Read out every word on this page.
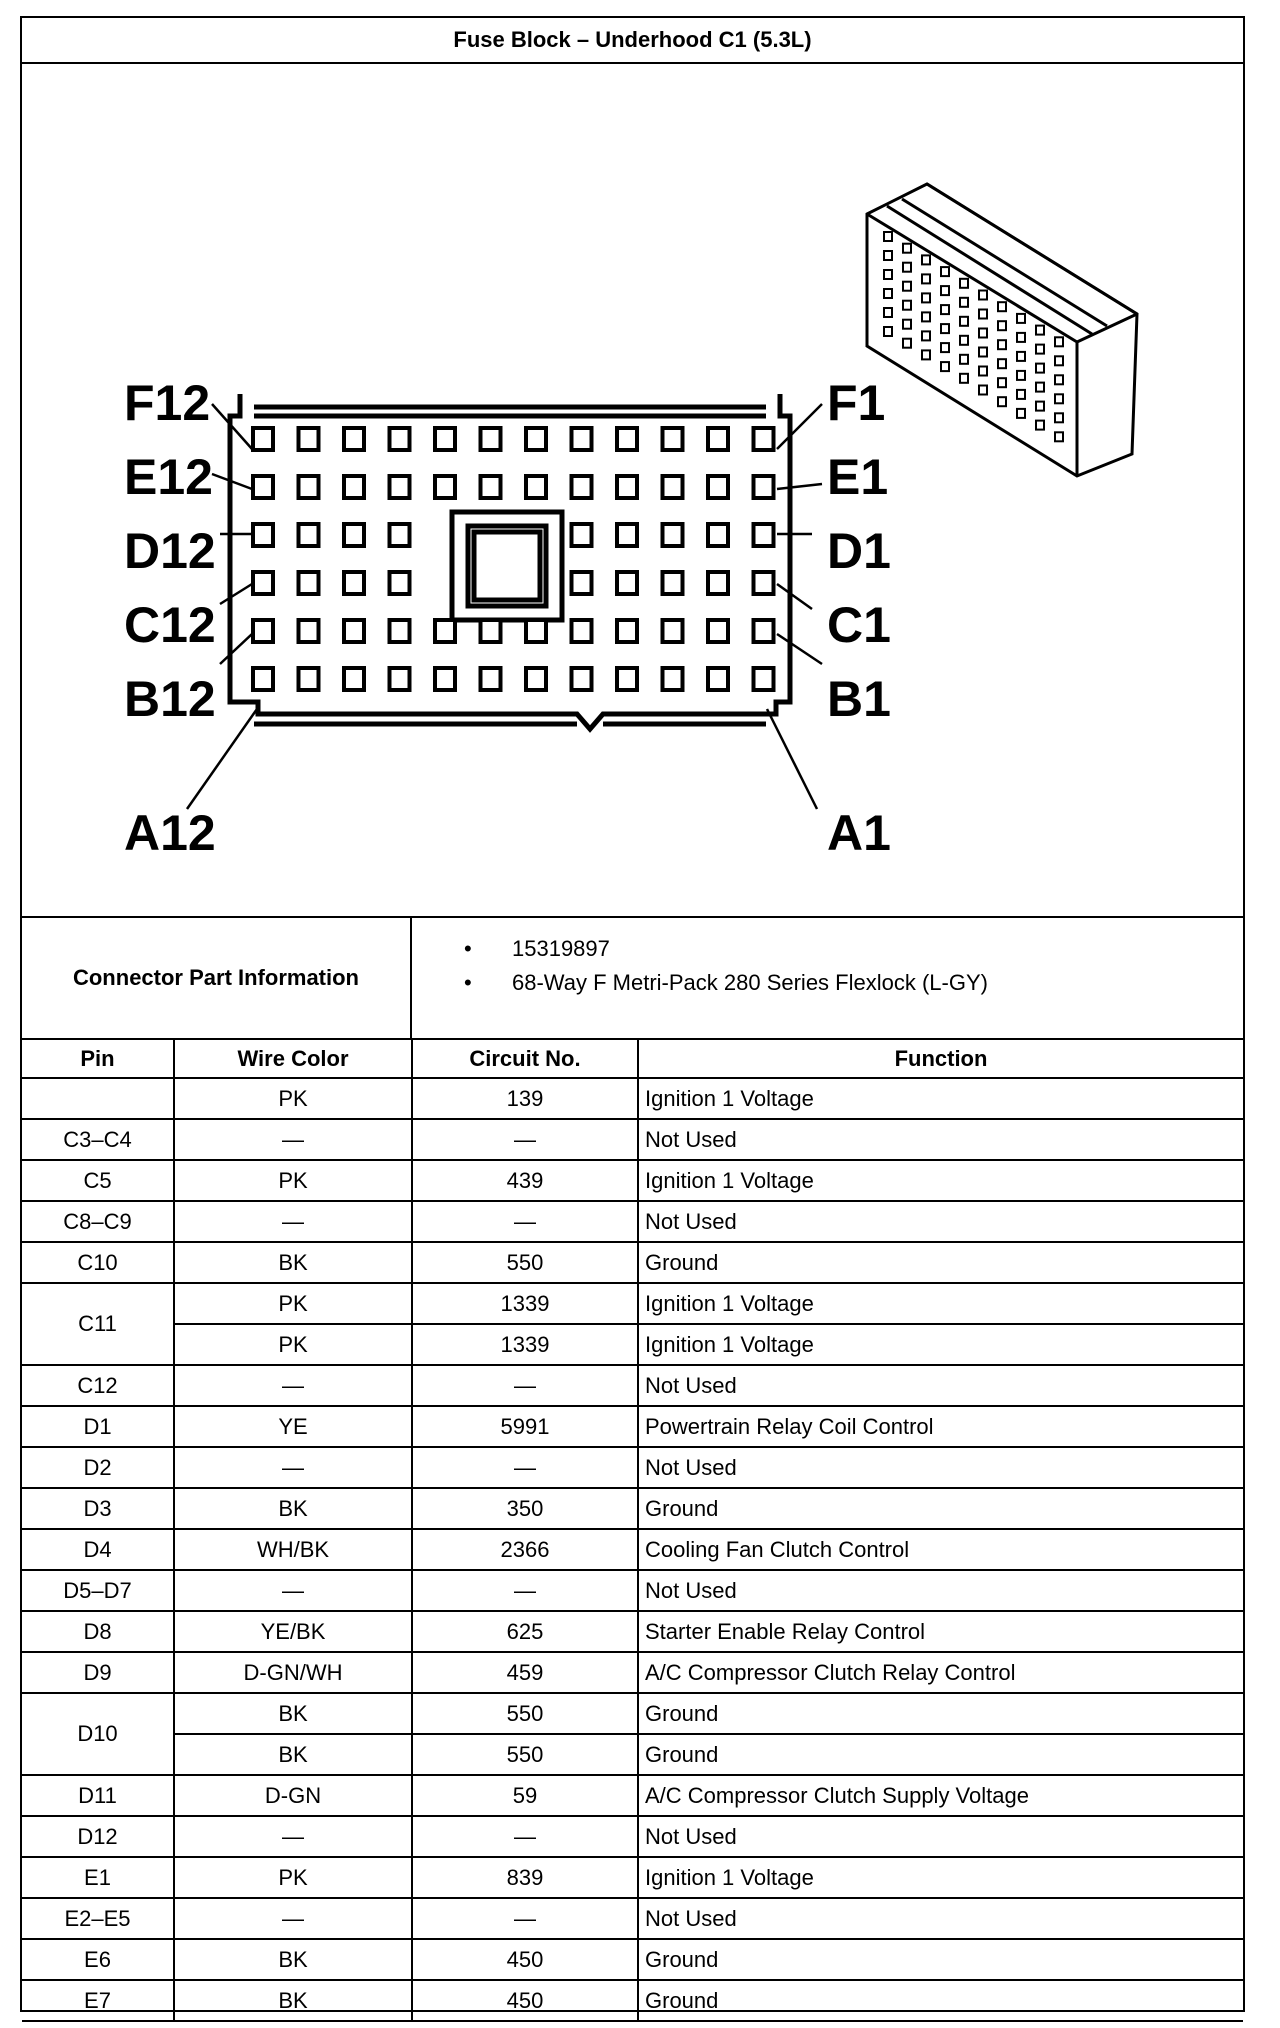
Fuse Block – Underhood C1 (5.3L)
F12
E12
D12
C12
B12
A12
F1
E1
D1
C1
B1
A1
Connector Part Information
• 15319897
• 68-Way F Metri-Pack 280 Series Flexlock (L-GY)
Pin	Wire Color	Circuit No.	Function
	PK	139	Ignition 1 Voltage
C3–C4	—	—	Not Used
C5	PK	439	Ignition 1 Voltage
C8–C9	—	—	Not Used
C10	BK	550	Ground
C11	PK	1339	Ignition 1 Voltage
	PK	1339	Ignition 1 Voltage
C12	—	—	Not Used
D1	YE	5991	Powertrain Relay Coil Control
D2	—	—	Not Used
D3	BK	350	Ground
D4	WH/BK	2366	Cooling Fan Clutch Control
D5–D7	—	—	Not Used
D8	YE/BK	625	Starter Enable Relay Control
D9	D-GN/WH	459	A/C Compressor Clutch Relay Control
D10	BK	550	Ground
	BK	550	Ground
D11	D-GN	59	A/C Compressor Clutch Supply Voltage
D12	—	—	Not Used
E1	PK	839	Ignition 1 Voltage
E2–E5	—	—	Not Used
E6	BK	450	Ground
E7	BK	450	Ground
